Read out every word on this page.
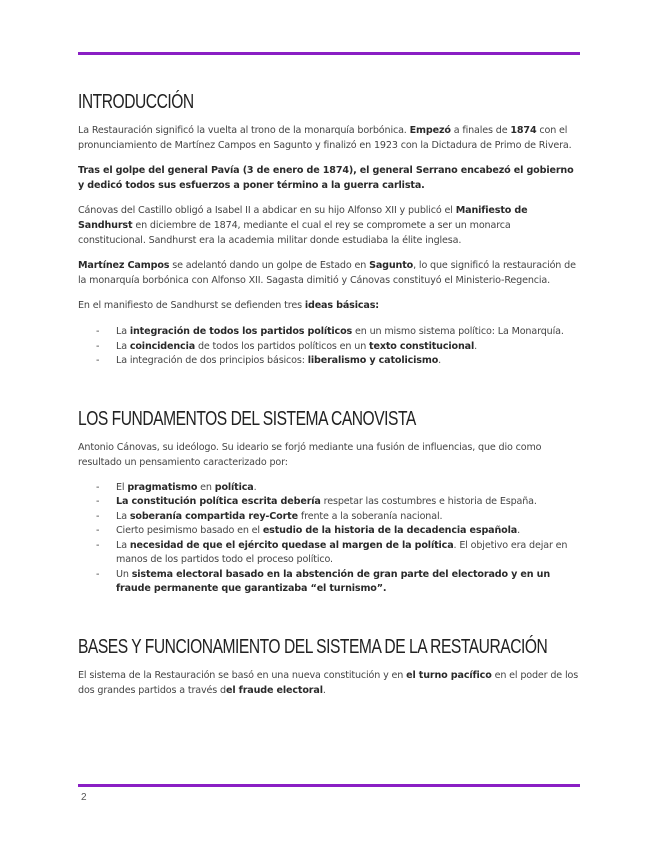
INTRODUCCIÓN

La Restauración significó la vuelta al trono de la monarquía borbónica. Empezó a finales de 1874 con el pronunciamiento de Martínez Campos en Sagunto y finalizó en 1923 con la Dictadura de Primo de Rivera.

Tras el golpe del general Pavía (3 de enero de 1874), el general Serrano encabezó el gobierno y dedicó todos sus esfuerzos a poner término a la guerra carlista.

Cánovas del Castillo obligó a Isabel II a abdicar en su hijo Alfonso XII y publicó el Manifiesto de Sandhurst en diciembre de 1874, mediante el cual el rey se compromete a ser un monarca constitucional. Sandhurst era la academia militar donde estudiaba la élite inglesa.

Martínez Campos se adelantó dando un golpe de Estado en Sagunto, lo que significó la restauración de la monarquía borbónica con Alfonso XII. Sagasta dimitió y Cánovas constituyó el Ministerio-Regencia.

En el manifiesto de Sandhurst se defienden tres ideas básicas:

- La integración de todos los partidos políticos en un mismo sistema político: La Monarquía.
- La coincidencia de todos los partidos políticos en un texto constitucional.
- La integración de dos principios básicos: liberalismo y catolicismo.
LOS FUNDAMENTOS DEL SISTEMA CANOVISTA

Antonio Cánovas, su ideólogo. Su ideario se forjó mediante una fusión de influencias, que dio como resultado un pensamiento caracterizado por:

- El pragmatismo en política.
- La constitución política escrita debería respetar las costumbres e historia de España.
- La soberanía compartida rey-Corte frente a la soberanía nacional.
- Cierto pesimismo basado en el estudio de la historia de la decadencia española.
- La necesidad de que el ejército quedase al margen de la política. El objetivo era dejar en manos de los partidos todo el proceso político.
- Un sistema electoral basado en la abstención de gran parte del electorado y en un fraude permanente que garantizaba “el turnismo”.
BASES Y FUNCIONAMIENTO DEL SISTEMA DE LA RESTAURACIÓN

El sistema de la Restauración se basó en una nueva constitución y en el turno pacífico en el poder de los dos grandes partidos a través del fraude electoral.

2
